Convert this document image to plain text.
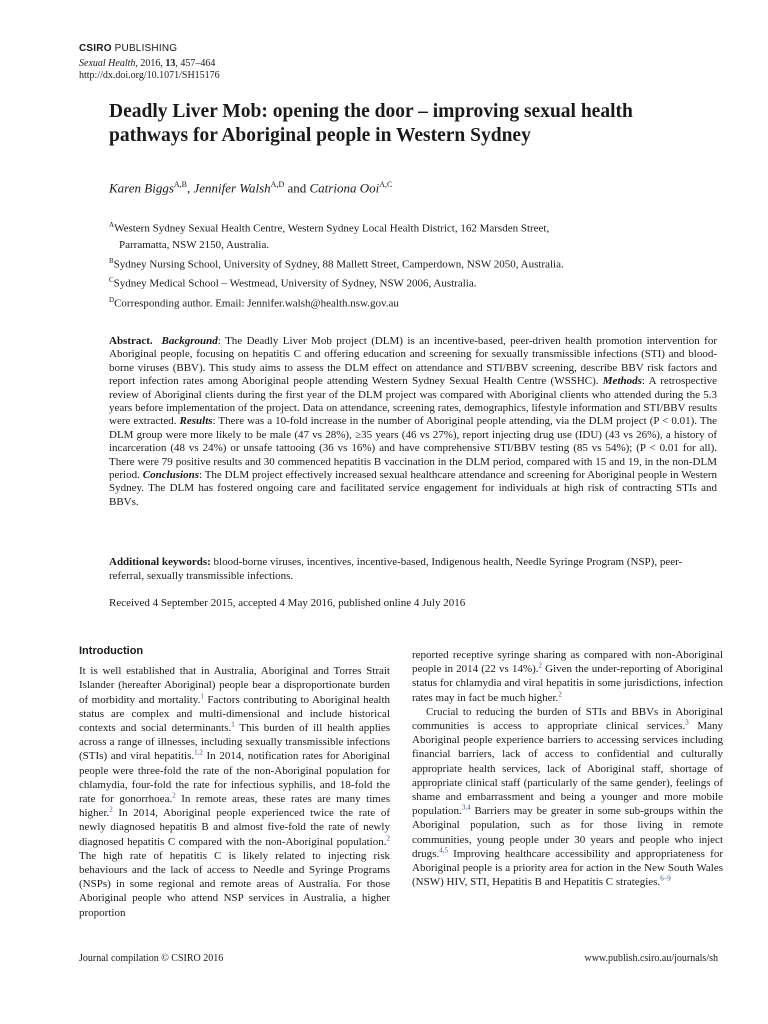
CSIRO PUBLISHING
Sexual Health, 2016, 13, 457–464
http://dx.doi.org/10.1071/SH15176
Deadly Liver Mob: opening the door – improving sexual health pathways for Aboriginal people in Western Sydney
Karen Biggs$^{A,B}$, Jennifer Walsh$^{A,D}$ and Catriona Ooi$^{A,C}$
$^A$Western Sydney Sexual Health Centre, Western Sydney Local Health District, 162 Marsden Street,
Parramatta, NSW 2150, Australia.
$^B$Sydney Nursing School, University of Sydney, 88 Mallett Street, Camperdown, NSW 2050, Australia.
$^C$Sydney Medical School – Westmead, University of Sydney, NSW 2006, Australia.
$^D$Corresponding author. Email: Jennifer.walsh@health.nsw.gov.au
Abstract. Background: The Deadly Liver Mob project (DLM) is an incentive-based, peer-driven health promotion intervention for Aboriginal people, focusing on hepatitis C and offering education and screening for sexually transmissible infections (STI) and blood-borne viruses (BBV). This study aims to assess the DLM effect on attendance and STI/BBV screening, describe BBV risk factors and report infection rates among Aboriginal people attending Western Sydney Sexual Health Centre (WSSHC). Methods: A retrospective review of Aboriginal clients during the first year of the DLM project was compared with Aboriginal clients who attended during the 5.3 years before implementation of the project. Data on attendance, screening rates, demographics, lifestyle information and STI/BBV results were extracted. Results: There was a 10-fold increase in the number of Aboriginal people attending, via the DLM project (P < 0.01). The DLM group were more likely to be male (47 vs 28%), ≥35 years (46 vs 27%), report injecting drug use (IDU) (43 vs 26%), a history of incarceration (48 vs 24%) or unsafe tattooing (36 vs 16%) and have comprehensive STI/BBV testing (85 vs 54%); (P < 0.01 for all). There were 79 positive results and 30 commenced hepatitis B vaccination in the DLM period, compared with 15 and 19, in the non-DLM period. Conclusions: The DLM project effectively increased sexual healthcare attendance and screening for Aboriginal people in Western Sydney. The DLM has fostered ongoing care and facilitated service engagement for individuals at high risk of contracting STIs and BBVs.
Additional keywords: blood-borne viruses, incentives, incentive-based, Indigenous health, Needle Syringe Program (NSP), peer-referral, sexually transmissible infections.
Received 4 September 2015, accepted 4 May 2016, published online 4 July 2016
Introduction

It is well established that in Australia, Aboriginal and Torres Strait Islander (hereafter Aboriginal) people bear a disproportionate burden of morbidity and mortality.$^1$ Factors contributing to Aboriginal health status are complex and multi-dimensional and include historical contexts and social determinants.$^1$ This burden of ill health applies across a range of illnesses, including sexually transmissible infections (STIs) and viral hepatitis.$^{1,2}$ In 2014, notification rates for Aboriginal people were three-fold the rate of the non-Aboriginal population for chlamydia, four-fold the rate for infectious syphilis, and 18-fold the rate for gonorrhoea.$^2$ In remote areas, these rates are many times higher.$^2$ In 2014, Aboriginal people experienced twice the rate of newly diagnosed hepatitis B and almost five-fold the rate of newly diagnosed hepatitis C compared with the non-Aboriginal population.$^2$ The high rate of hepatitis C is likely related to injecting risk behaviours and the lack of access to Needle and Syringe Programs (NSPs) in some regional and remote areas of Australia. For those Aboriginal people who attend NSP services in Australia, a higher proportion

reported receptive syringe sharing as compared with non-Aboriginal people in 2014 (22 vs 14%).$^2$ Given the under-reporting of Aboriginal status for chlamydia and viral hepatitis in some jurisdictions, infection rates may in fact be much higher.$^2$

Crucial to reducing the burden of STIs and BBVs in Aboriginal communities is access to appropriate clinical services.$^3$ Many Aboriginal people experience barriers to accessing services including financial barriers, lack of access to confidential and culturally appropriate health services, lack of Aboriginal staff, shortage of appropriate clinical staff (particularly of the same gender), feelings of shame and embarrassment and being a younger and more mobile population.$^{3,4}$ Barriers may be greater in some sub-groups within the Aboriginal population, such as for those living in remote communities, young people under 30 years and people who inject drugs.$^{4,5}$ Improving healthcare accessibility and appropriateness for Aboriginal people is a priority area for action in the New South Wales (NSW) HIV, STI, Hepatitis B and Hepatitis C strategies.$^{6-9}$

Journal compilation © CSIRO 2016	www.publish.csiro.au/journals/sh
